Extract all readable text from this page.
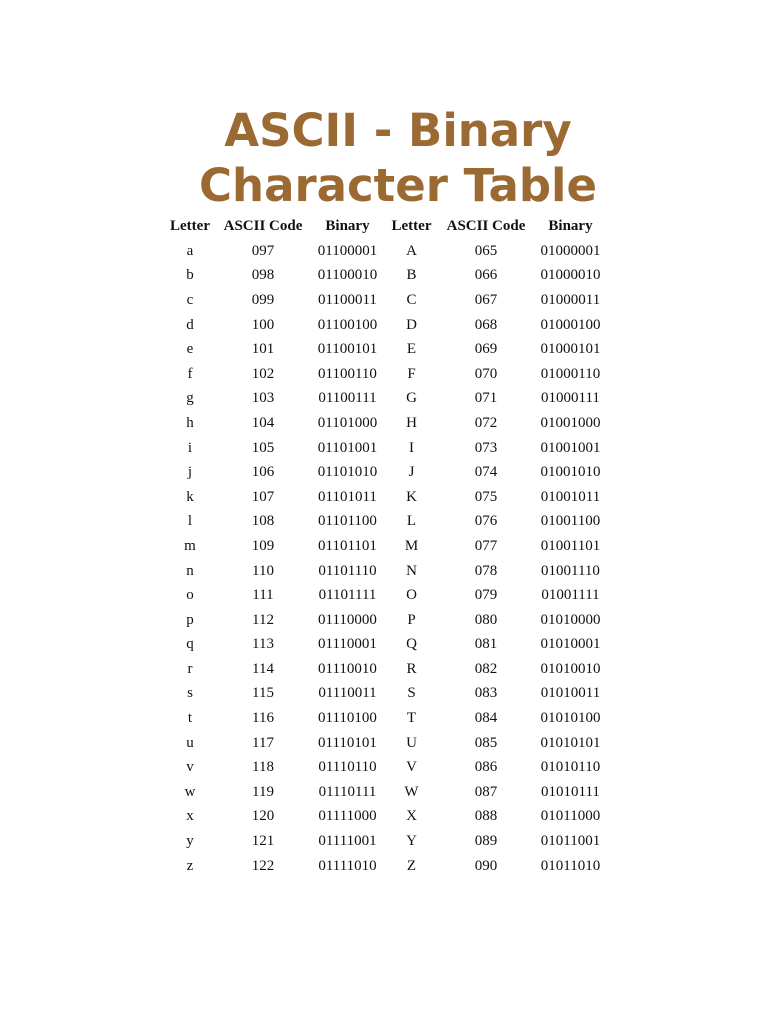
ASCII - Binary
Character Table
Letter	ASCII Code	Binary	Letter	ASCII Code	Binary
a	097	01100001	A	065	01000001
b	098	01100010	B	066	01000010
c	099	01100011	C	067	01000011
d	100	01100100	D	068	01000100
e	101	01100101	E	069	01000101
f	102	01100110	F	070	01000110
g	103	01100111	G	071	01000111
h	104	01101000	H	072	01001000
i	105	01101001	I	073	01001001
j	106	01101010	J	074	01001010
k	107	01101011	K	075	01001011
l	108	01101100	L	076	01001100
m	109	01101101	M	077	01001101
n	110	01101110	N	078	01001110
o	111	01101111	O	079	01001111
p	112	01110000	P	080	01010000
q	113	01110001	Q	081	01010001
r	114	01110010	R	082	01010010
s	115	01110011	S	083	01010011
t	116	01110100	T	084	01010100
u	117	01110101	U	085	01010101
v	118	01110110	V	086	01010110
w	119	01110111	W	087	01010111
x	120	01111000	X	088	01011000
y	121	01111001	Y	089	01011001
z	122	01111010	Z	090	01011010
